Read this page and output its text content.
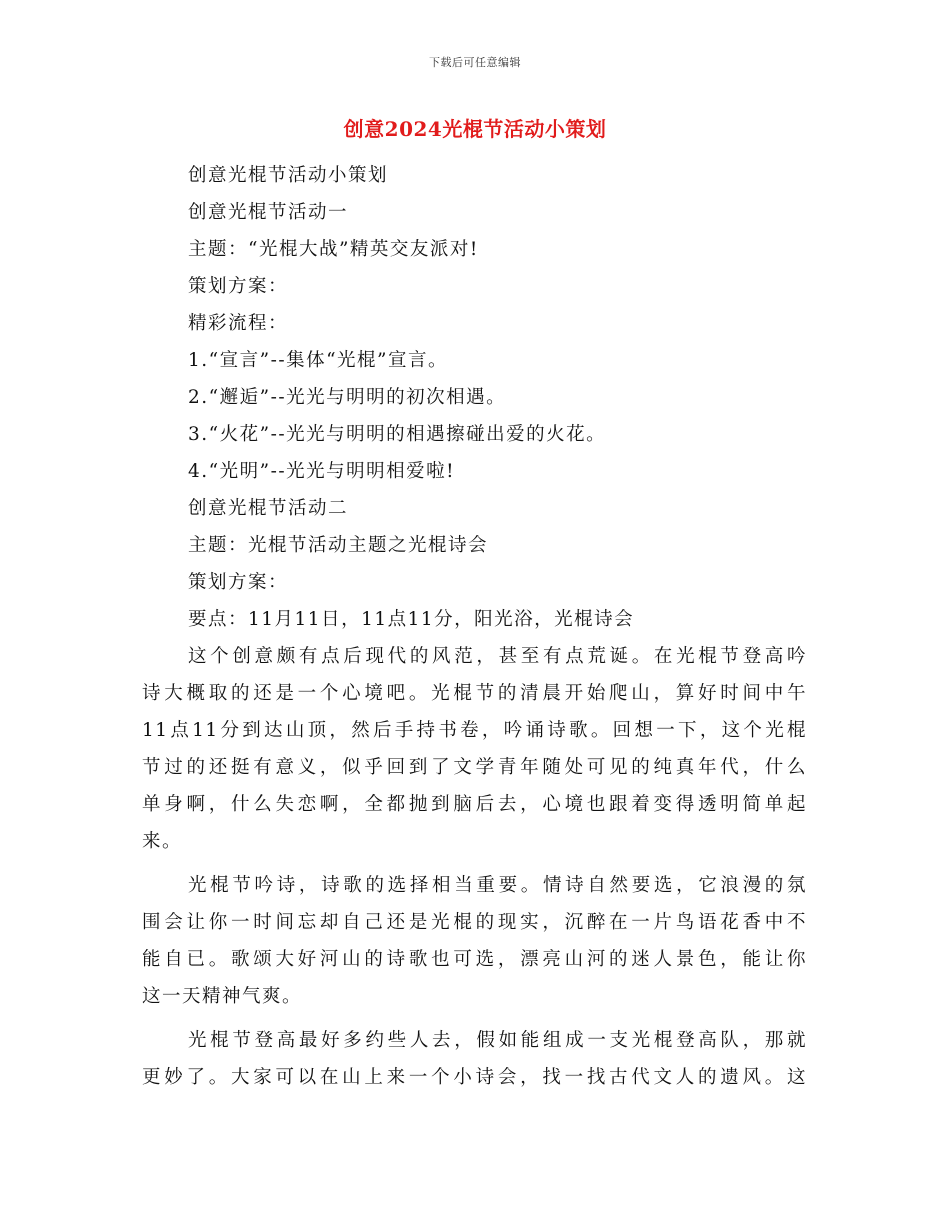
下载后可任意编辑
创意2024光棍节活动小策划
创意光棍节活动小策划
创意光棍节活动一
主题：“光棍大战”精英交友派对!
策划方案：
精彩流程：
1.“宣言”--集体“光棍”宣言。
2.“邂逅”--光光与明明的初次相遇。
3.“火花”--光光与明明的相遇擦碰出爱的火花。
4.“光明”--光光与明明相爱啦!
创意光棍节活动二
主题：光棍节活动主题之光棍诗会
策划方案：
要点：11月11日，11点11分，阳光浴，光棍诗会
这个创意颇有点后现代的风范，甚至有点荒诞。在光棍节登高吟
诗大概取的还是一个心境吧。光棍节的清晨开始爬山，算好时间中午
11点11分到达山顶，然后手持书卷，吟诵诗歌。回想一下，这个光棍
节过的还挺有意义，似乎回到了文学青年随处可见的纯真年代，什么
单身啊，什么失恋啊，全都抛到脑后去，心境也跟着变得透明简单起
来。
光棍节吟诗，诗歌的选择相当重要。情诗自然要选，它浪漫的氛
围会让你一时间忘却自己还是光棍的现实，沉醉在一片鸟语花香中不
能自已。歌颂大好河山的诗歌也可选，漂亮山河的迷人景色，能让你
这一天精神气爽。
光棍节登高最好多约些人去，假如能组成一支光棍登高队，那就
更妙了。大家可以在山上来一个小诗会，找一找古代文人的遗风。这
